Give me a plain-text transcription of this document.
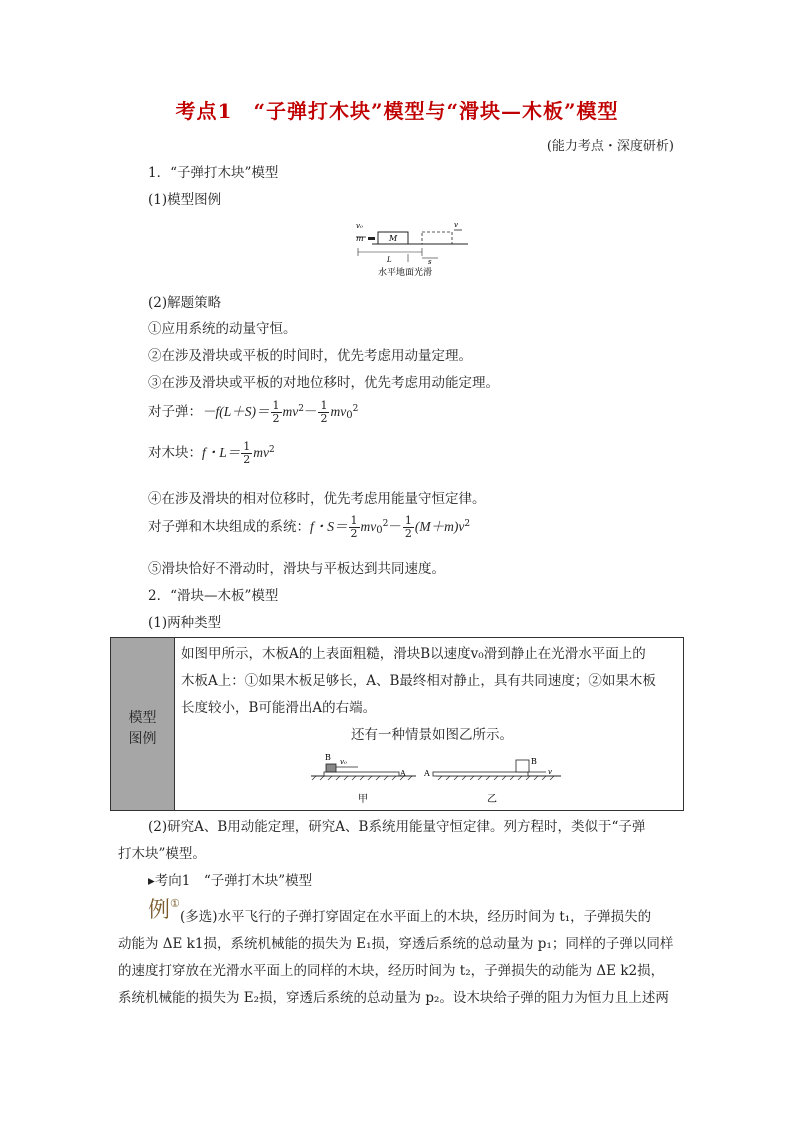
考点1　“子弹打木块”模型与“滑块—木板”模型
(能力考点・深度研析)
1．“子弹打木块”模型
(1)模型图例
v₀
m	M
v
L	s
水平地面光滑
(2)解题策略
①应用系统的动量守恒。
②在涉及滑块或平板的时间时，优先考虑用动量定理。
③在涉及滑块或平板的对地位移时，优先考虑用动能定理。
对子弹：$-f(L+S)= \frac{1}{2} mv^2- \frac{1}{2} mv_0^2$
对木块：f・$L= \frac{1}{2} mv^2$
④在涉及滑块的相对位移时，优先考虑用能量守恒定律。
对子弹和木块组成的系统：f・$S= \frac{1}{2} mv_0^2- \frac{1}{2} (M+m)v^2$
⑤滑块恰好不滑动时，滑块与平板达到共同速度。
2．“滑块—木板”模型
(1)两种类型
模型
图例
如图甲所示，木板A的上表面粗糙，滑块B以速度v₀滑到静止在光滑水平面上的
木板A上：①如果木板足够长，A、B最终相对静止，具有共同速度；②如果木板
长度较小，B可能滑出A的右端。
还有一种情景如图乙所示。
B v₀
A
甲
A
B
v
乙
(2)研究A、B用动能定理，研究A、B系统用能量守恒定律。列方程时，类似于“子弹
打木块”模型。
▸考向1　“子弹打木块”模型
例①
(多选)水平飞行的子弹打穿固定在水平面上的木块，经历时间为 t₁，子弹损失的
动能为 ΔE k1损，系统机械能的损失为 E₁损，穿透后系统的总动量为 p₁；同样的子弹以同样
的速度打穿放在光滑水平面上的同样的木块，经历时间为 t₂，子弹损失的动能为 ΔE k2损，
系统机械能的损失为 E₂损，穿透后系统的总动量为 p₂。设木块给子弹的阻力为恒力且上述两
